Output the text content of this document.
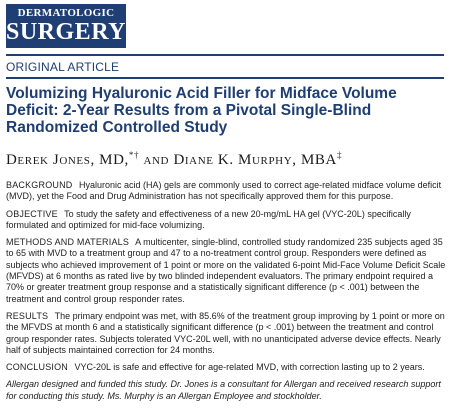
DERMATOLOGIC
SURGERY
ORIGINAL ARTICLE
Volumizing Hyaluronic Acid Filler for Midface Volume Deficit: 2-Year Results from a Pivotal Single-Blind Randomized Controlled Study
Derek Jones, MD,*† and Diane K. Murphy, MBA‡

BACKGROUND Hyaluronic acid (HA) gels are commonly used to correct age-related midface volume deficit (MVD), yet the Food and Drug Administration has not specifically approved them for this purpose.

OBJECTIVE To study the safety and effectiveness of a new 20-mg/mL HA gel (VYC-20L) specifically formulated and optimized for mid-face volumizing.

METHODS AND MATERIALS A multicenter, single-blind, controlled study randomized 235 subjects aged 35 to 65 with MVD to a treatment group and 47 to a no-treatment control group. Responders were defined as subjects who achieved improvement of 1 point or more on the validated 6-point Mid-Face Volume Deficit Scale (MFVDS) at 6 months as rated live by two blinded independent evaluators. The primary endpoint required a 70% or greater treatment group response and a statistically significant difference (p < .001) between the treatment and control group responder rates.

RESULTS The primary endpoint was met, with 85.6% of the treatment group improving by 1 point or more on the MFVDS at month 6 and a statistically significant difference (p < .001) between the treatment and control group responder rates. Subjects tolerated VYC-20L well, with no unanticipated adverse device effects. Nearly half of subjects maintained correction for 24 months.

CONCLUSION VYC-20L is safe and effective for age-related MVD, with correction lasting up to 2 years.

Allergan designed and funded this study. Dr. Jones is a consultant for Allergan and received research support for conducting this study. Ms. Murphy is an Allergan Employee and stockholder.
